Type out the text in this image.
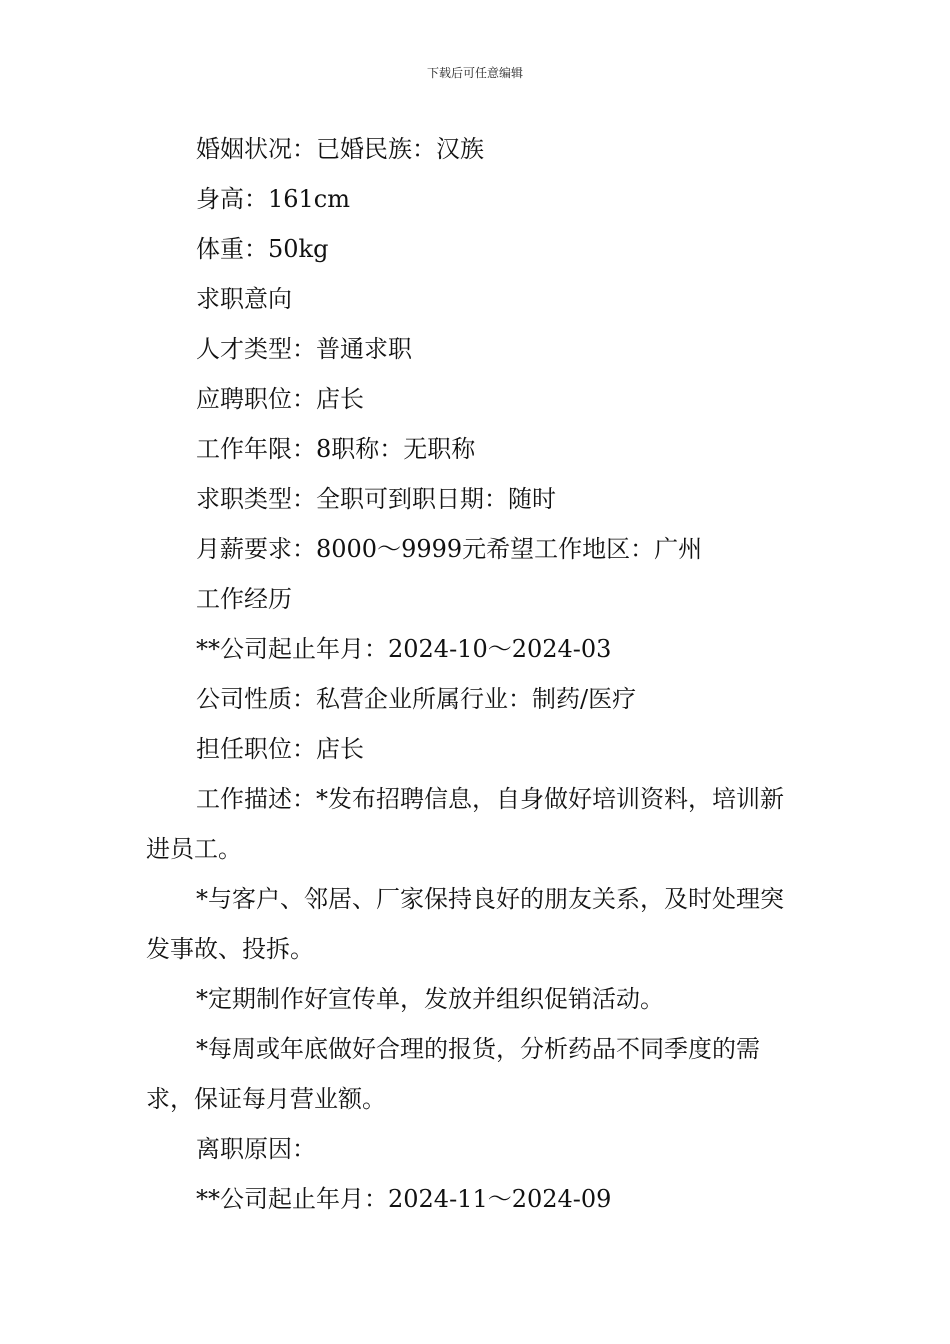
下载后可任意编辑

婚姻状况：已婚民族：汉族

身高：161cm

体重：50kg

求职意向

人才类型：普通求职

应聘职位：店长

工作年限：8职称：无职称

求职类型：全职可到职日期：随时

月薪要求：8000～9999元希望工作地区：广州

工作经历

**公司起止年月：2024-10～2024-03

公司性质：私营企业所属行业：制药/医疗

担任职位：店长

工作描述：*发布招聘信息，自身做好培训资料，培训新进员工。

*与客户、邻居、厂家保持良好的朋友关系，及时处理突发事故、投拆。

*定期制作好宣传单，发放并组织促销活动。

*每周或年底做好合理的报货，分析药品不同季度的需求，保证每月营业额。

离职原因：

**公司起止年月：2024-11～2024-09
